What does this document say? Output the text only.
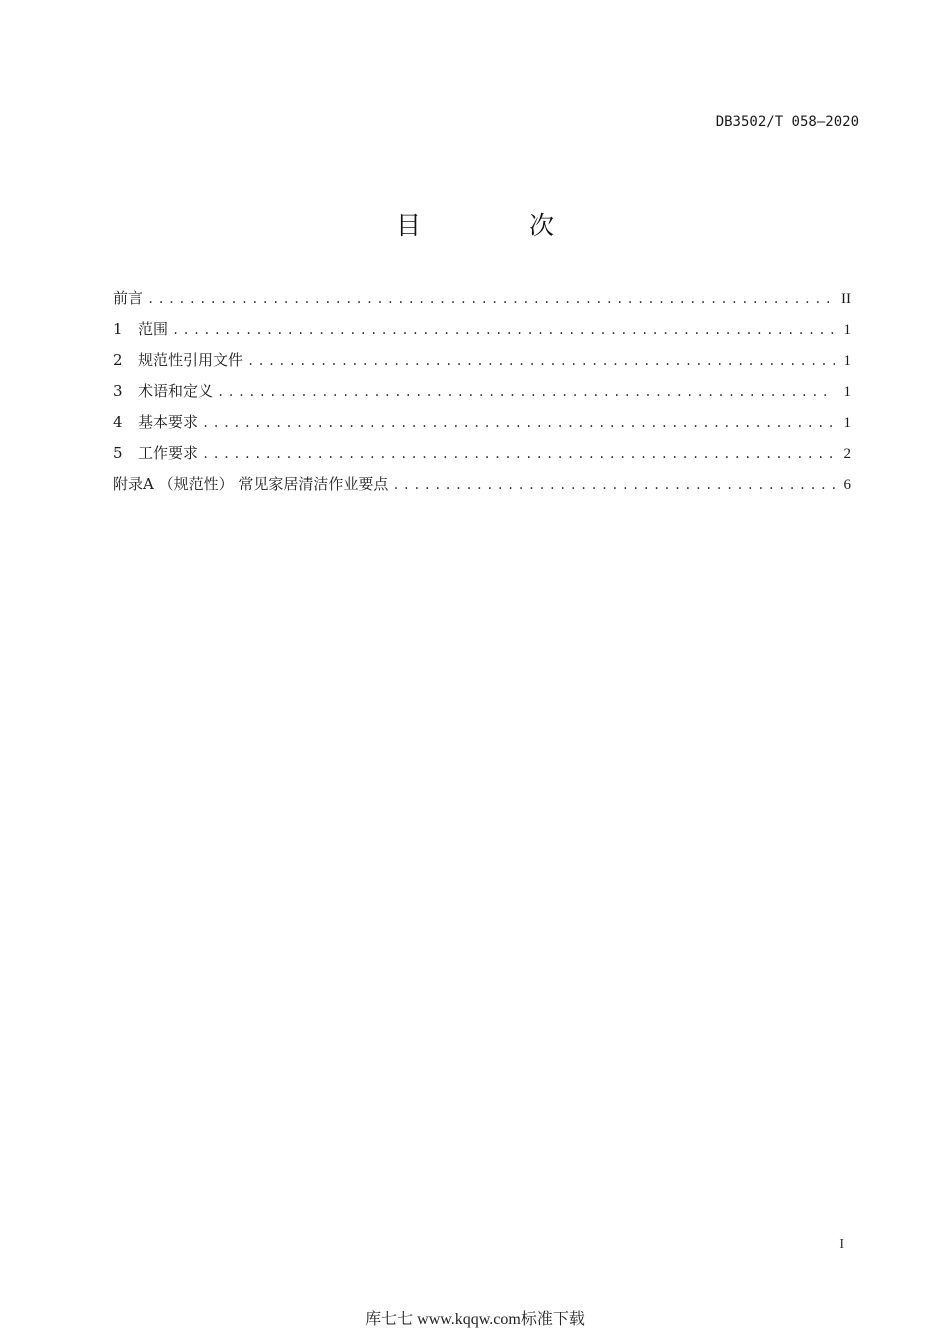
DB3502/T 058—2020
目 次
前言 .....	II
1	范围 .....	1
2	规范性引用文件 .....	1
3	术语和定义 .....	1
4	基本要求 .....	1
5	工作要求 .....	2
附录A （规范性） 常见家居清洁作业要点 .....	6
I
库七七 www.kqqw.com标准下载
